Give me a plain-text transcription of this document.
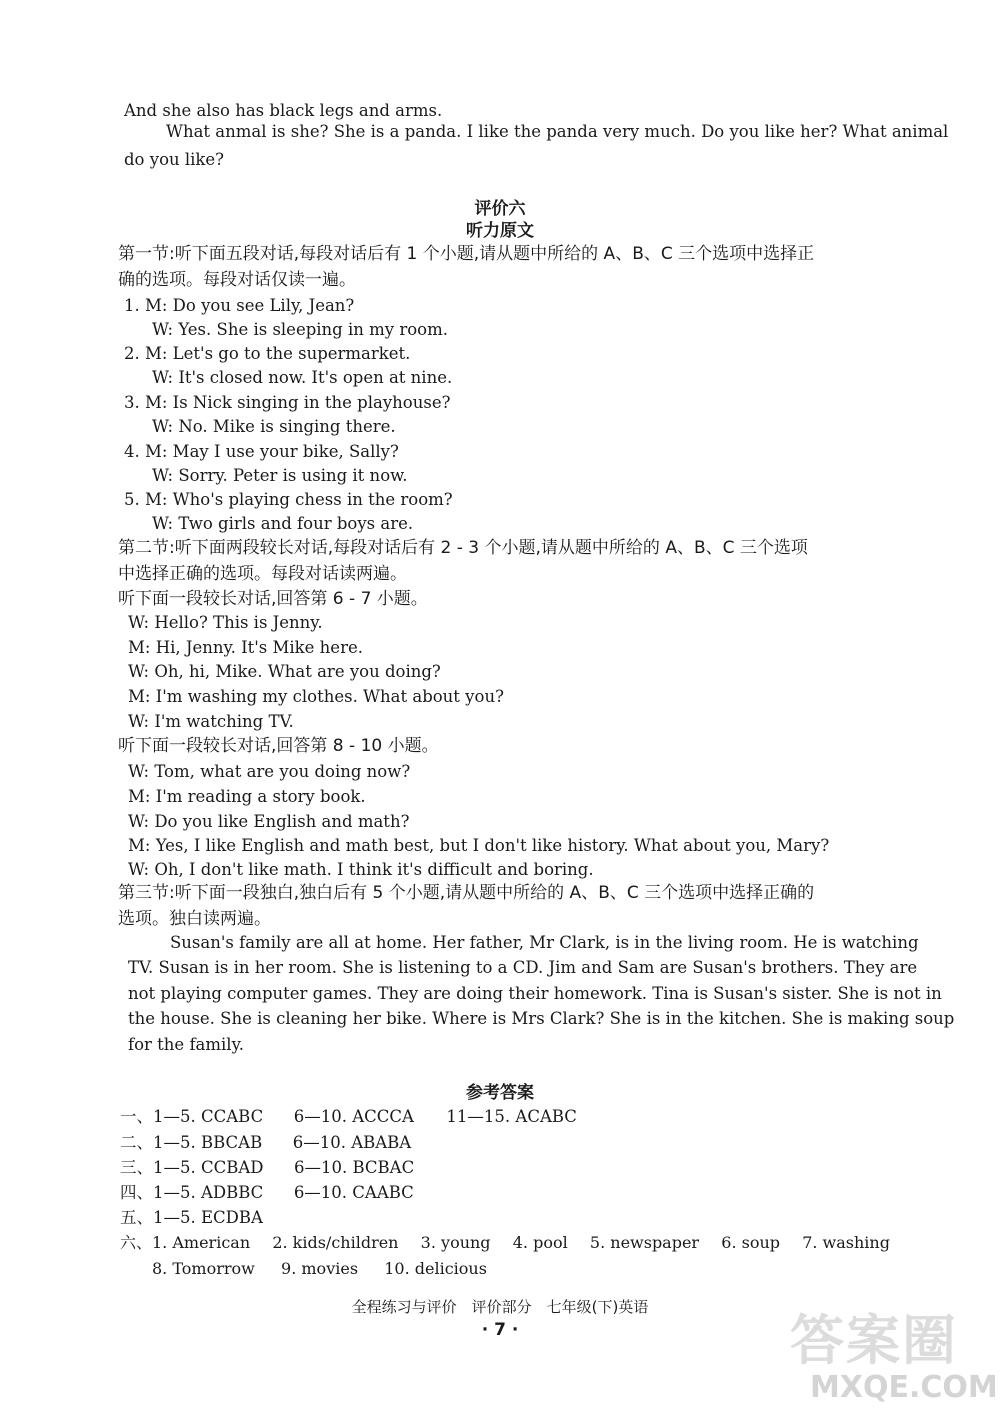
And she also has black legs and arms.
What anmal is she? She is a panda. I like the panda very much. Do you like her? What animal
do you like?
评价六
听力原文
第一节:听下面五段对话,每段对话后有 1 个小题,请从题中所给的 A、B、C 三个选项中选择正
确的选项。每段对话仅读一遍。
1. M: Do you see Lily, Jean?
W: Yes. She is sleeping in my room.
2. M: Let's go to the supermarket.
W: It's closed now. It's open at nine.
3. M: Is Nick singing in the playhouse?
W: No. Mike is singing there.
4. M: May I use your bike, Sally?
W: Sorry. Peter is using it now.
5. M: Who's playing chess in the room?
W: Two girls and four boys are.
第二节:听下面两段较长对话,每段对话后有 2 - 3 个小题,请从题中所给的 A、B、C 三个选项
中选择正确的选项。每段对话读两遍。
听下面一段较长对话,回答第 6 - 7 小题。
W: Hello? This is Jenny.
M: Hi, Jenny. It's Mike here.
W: Oh, hi, Mike. What are you doing?
M: I'm washing my clothes. What about you?
W: I'm watching TV.
听下面一段较长对话,回答第 8 - 10 小题。
W: Tom, what are you doing now?
M: I'm reading a story book.
W: Do you like English and math?
M: Yes, I like English and math best, but I don't like history. What about you, Mary?
W: Oh, I don't like math. I think it's difficult and boring.
第三节:听下面一段独白,独白后有 5 个小题,请从题中所给的 A、B、C 三个选项中选择正确的
选项。独白读两遍。
Susan's family are all at home. Her father, Mr Clark, is in the living room. He is watching
TV. Susan is in her room. She is listening to a CD. Jim and Sam are Susan's brothers. They are
not playing computer games. They are doing their homework. Tina is Susan's sister. She is not in
the house. She is cleaning her bike. Where is Mrs Clark? She is in the kitchen. She is making soup
for the family.
参考答案
一、1—5. CCABC 6—10. ACCCA 11—15. ACABC
二、1—5. BBCAB 6—10. ABABA
三、1—5. CCBAD 6—10. BCBAC
四、1—5. ADBBC 6—10. CAABC
五、1—5. ECDBA
六、1. American 2. kids/children 3. young 4. pool 5. newspaper 6. soup 7. washing
8. Tomorrow 9. movies 10. delicious
全程练习与评价　评价部分　七年级(下)英语
· 7 ·	答案圈
MXQE.COM
